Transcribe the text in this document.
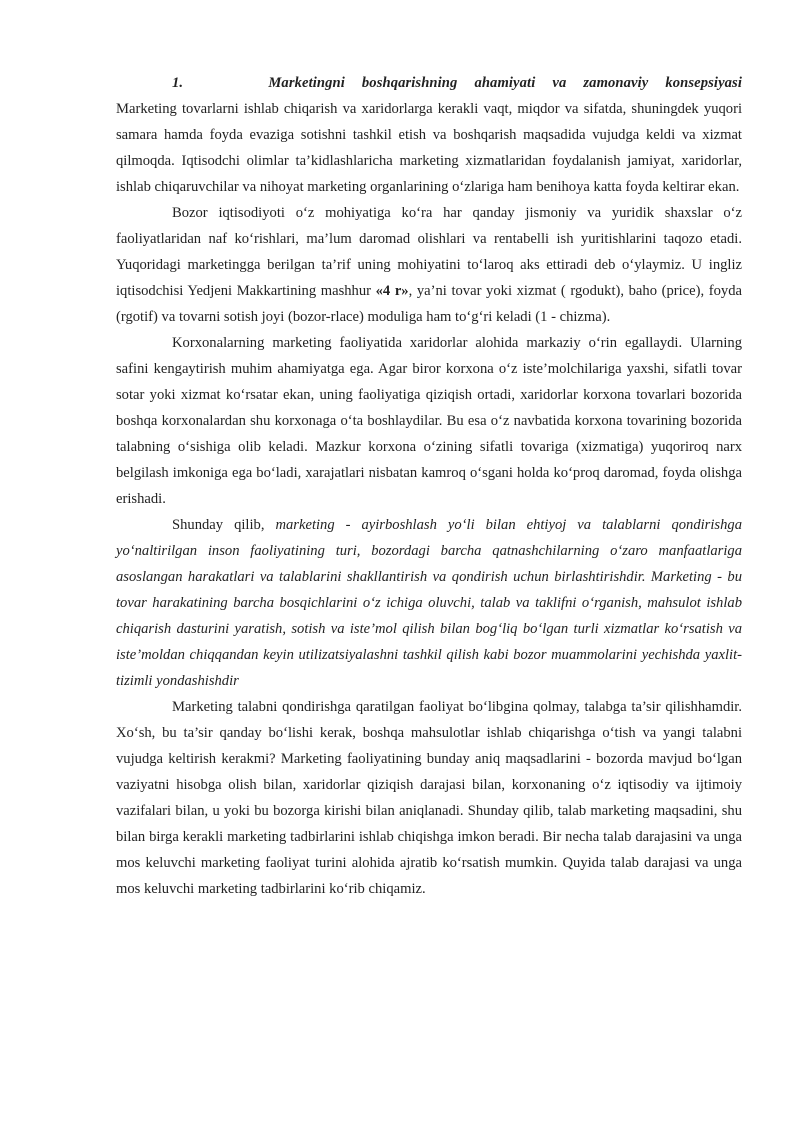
1.     Marketingni boshqarishning ahamiyati va zamonaviy konsepsiyasi

Marketing tovarlarni ishlab chiqarish va xaridorlarga kerakli vaqt, miqdor va sifatda, shuningdek yuqori samara hamda foyda evaziga sotishni tashkil etish va boshqarish maqsadida vujudga keldi va xizmat qilmoqda. Iqtisodchi olimlar ta’kidlashlaricha marketing xizmatlaridan foydalanish jamiyat, xaridorlar, ishlab chiqaruvchilar va nihoyat marketing organlarining o‘zlariga ham benihoya katta foyda keltirar ekan.

Bozor iqtisodiyoti o‘z mohiyatiga ko‘ra har qanday jismoniy va yuridik shaxslar o‘z faoliyatlaridan naf ko‘rishlari, ma’lum daromad olishlari va rentabelli ish yuritishlarini taqozo etadi. Yuqoridagi marketingga berilgan ta’rif uning mohiyatini to‘laroq aks ettiradi deb o‘ylaymiz. U ingliz iqtisodchisi Yedjeni Makkartining mashhur «4 r», ya’ni tovar yoki xizmat ( rgodukt), baho (price), foyda (rgotif) va tovarni sotish joyi (bozor-rlace) moduliga ham to‘g‘ri keladi (1 - chizma).

Korxonalarning marketing faoliyatida xaridorlar alohida markaziy o‘rin egallaydi. Ularning safini kengaytirish muhim ahamiyatga ega. Agar biror korxona o‘z iste’molchilariga yaxshi, sifatli tovar sotar yoki xizmat ko‘rsatar ekan, uning faoliyatiga qiziqish ortadi, xaridorlar korxona tovarlari bozorida boshqa korxonalardan shu korxonaga o‘ta boshlaydilar. Bu esa o‘z navbatida korxona tovarining bozorida talabning o‘sishiga olib keladi. Mazkur korxona o‘zining sifatli tovariga (xizmatiga) yuqoriroq narx belgilash imkoniga ega bo‘ladi, xarajatlari nisbatan kamroq o‘sgani holda ko‘proq daromad, foyda olishga erishadi.

Shunday qilib, marketing - ayirboshlash yo‘li bilan ehtiyoj va talablarni qondirishga yo‘naltirilgan inson faoliyatining turi, bozordagi barcha qatnashchilarning o‘zaro manfaatlariga asoslangan harakatlari va talablarini shakllantirish va qondirish uchun birlashtirishdir. Marketing - bu tovar harakatining barcha bosqichlarini o‘z ichiga oluvchi, talab va taklifni o‘rganish, mahsulot ishlab chiqarish dasturini yaratish, sotish va iste’mol qilish bilan bog‘liq bo‘lgan turli xizmatlar ko‘rsatish va iste’moldan chiqqandan keyin utilizatsiyalashni tashkil qilish kabi bozor muammolarini yechishda yaxlit-tizimli yondashishdir

Marketing talabni qondirishga qaratilgan faoliyat bo‘libgina qolmay, talabga ta’sir qilishhamdir. Xo‘sh, bu ta’sir qanday bo‘lishi kerak, boshqa mahsulotlar ishlab chiqarishga o‘tish va yangi talabni vujudga keltirish kerakmi? Marketing faoliyatining bunday aniq maqsadlarini - bozorda mavjud bo‘lgan vaziyatni hisobga olish bilan, xaridorlar qiziqish darajasi bilan, korxonaning o‘z iqtisodiy va ijtimoiy vazifalari bilan, u yoki bu bozorga kirishi bilan aniqlanadi. Shunday qilib, talab marketing maqsadini, shu bilan birga kerakli marketing tadbirlarini ishlab chiqishga imkon beradi. Bir necha talab darajasini va unga mos keluvchi marketing faoliyat turini alohida ajratib ko‘rsatish mumkin. Quyida talab darajasi va unga mos keluvchi marketing tadbirlarini ko‘rib chiqamiz.
